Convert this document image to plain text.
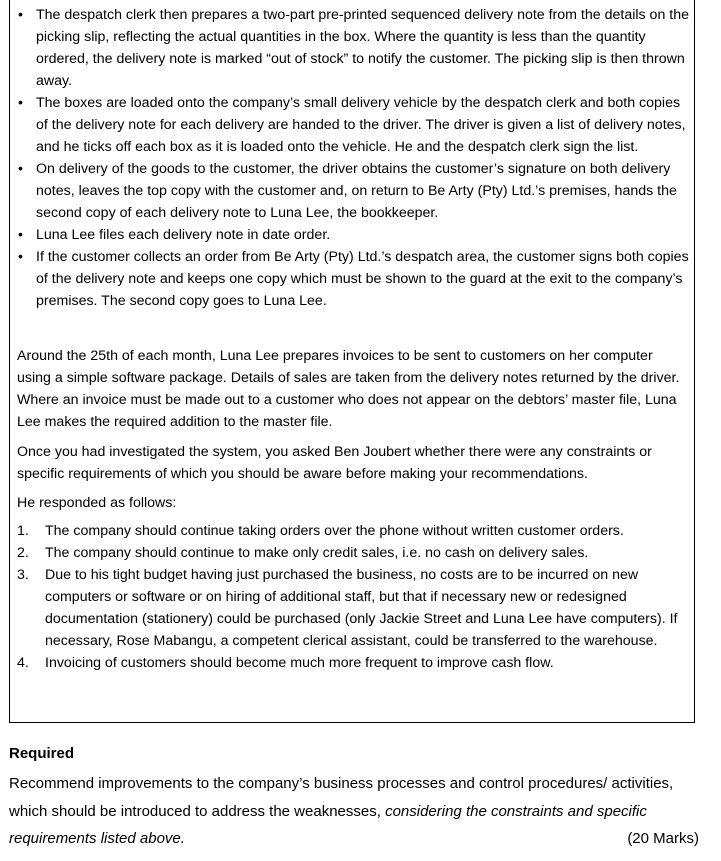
• The despatch clerk then prepares a two-part pre-printed sequenced delivery note from the details on the picking slip, reflecting the actual quantities in the box. Where the quantity is less than the quantity ordered, the delivery note is marked “out of stock” to notify the customer. The picking slip is then thrown away.

• The boxes are loaded onto the company’s small delivery vehicle by the despatch clerk and both copies of the delivery note for each delivery are handed to the driver. The driver is given a list of delivery notes, and he ticks off each box as it is loaded onto the vehicle. He and the despatch clerk sign the list.

• On delivery of the goods to the customer, the driver obtains the customer’s signature on both delivery notes, leaves the top copy with the customer and, on return to Be Arty (Pty) Ltd.’s premises, hands the second copy of each delivery note to Luna Lee, the bookkeeper.

• Luna Lee files each delivery note in date order.

• If the customer collects an order from Be Arty (Pty) Ltd.’s despatch area, the customer signs both copies of the delivery note and keeps one copy which must be shown to the guard at the exit to the company’s premises. The second copy goes to Luna Lee.

Around the 25th of each month, Luna Lee prepares invoices to be sent to customers on her computer using a simple software package. Details of sales are taken from the delivery notes returned by the driver. Where an invoice must be made out to a customer who does not appear on the debtors’ master file, Luna Lee makes the required addition to the master file.

Once you had investigated the system, you asked Ben Joubert whether there were any constraints or specific requirements of which you should be aware before making your recommendations.

He responded as follows:

1. The company should continue taking orders over the phone without written customer orders.

2. The company should continue to make only credit sales, i.e. no cash on delivery sales.

3. Due to his tight budget having just purchased the business, no costs are to be incurred on new computers or software or on hiring of additional staff, but that if necessary new or redesigned documentation (stationery) could be purchased (only Jackie Street and Luna Lee have computers). If necessary, Rose Mabangu, a competent clerical assistant, could be transferred to the warehouse.

4. Invoicing of customers should become much more frequent to improve cash flow.

Required
Recommend improvements to the company’s business processes and control procedures/ activities, which should be introduced to address the weaknesses, considering the constraints and specific requirements listed above.	(20 Marks)
